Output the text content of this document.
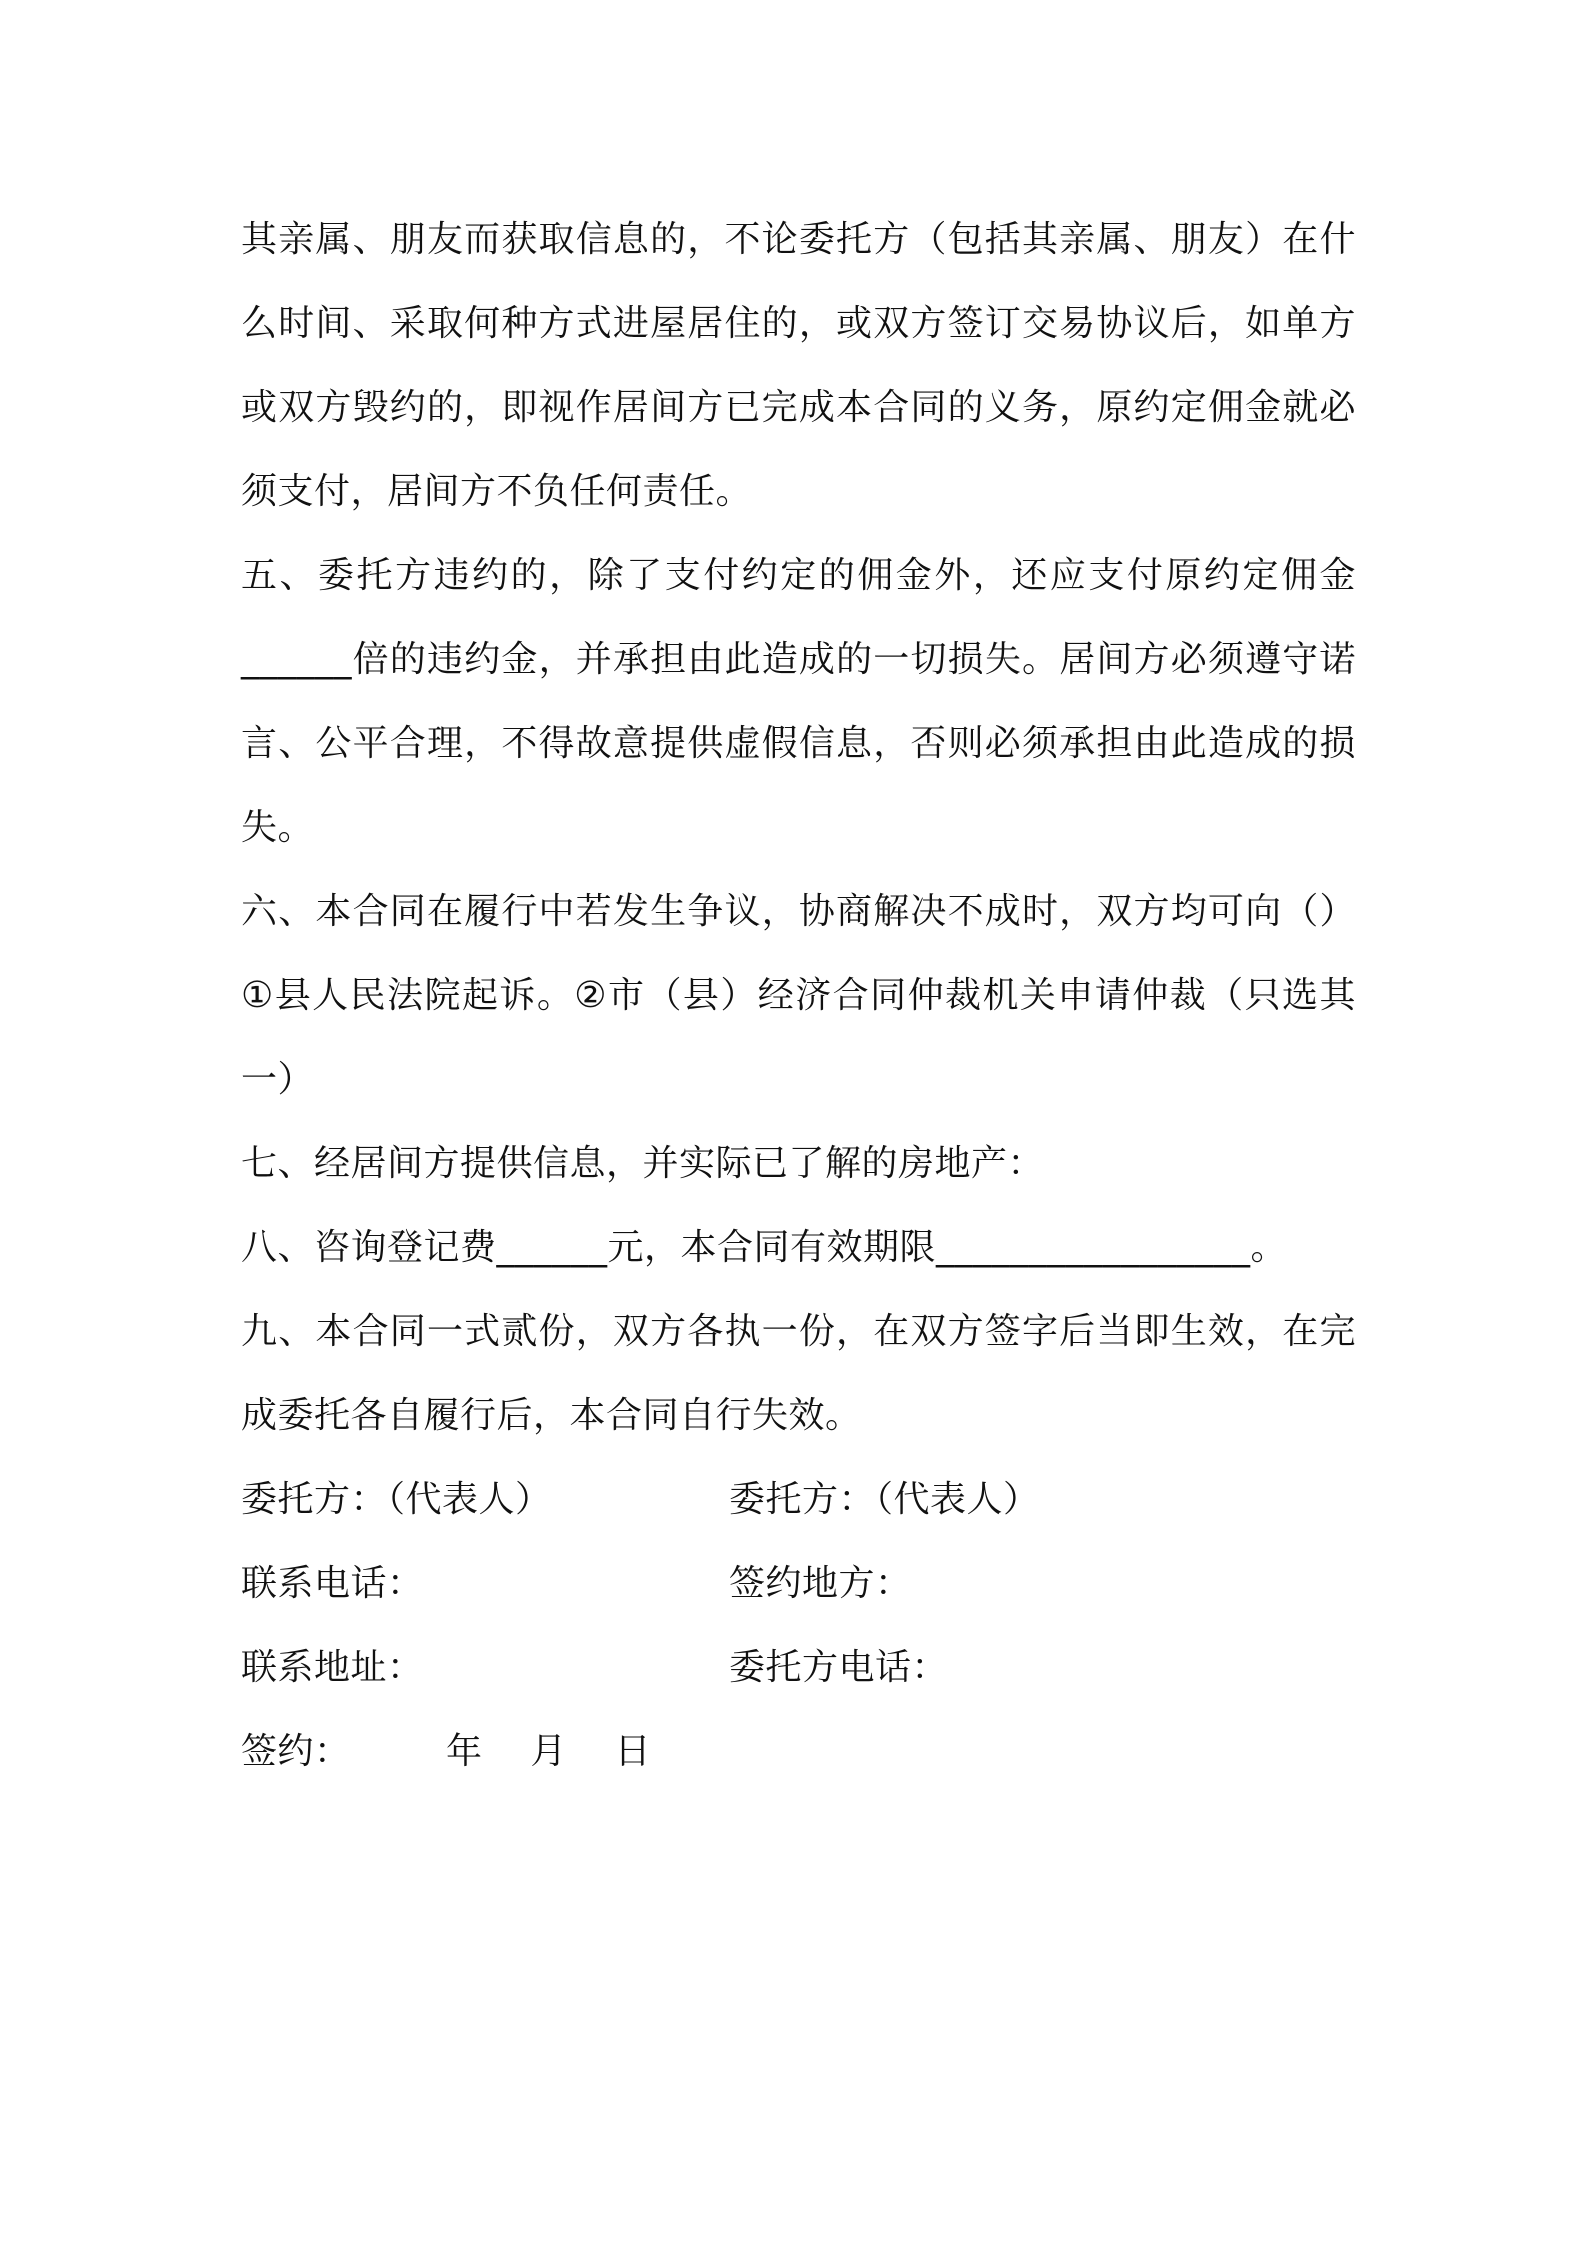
其亲属、朋友而获取信息的，不论委托方（包括其亲属、朋友）在什么时间、采取何种方式进屋居住的，或双方签订交易协议后，如单方或双方毁约的，即视作居间方已完成本合同的义务，原约定佣金就必须支付，居间方不负任何责任。

五、委托方违约的，除了支付约定的佣金外，还应支付原约定佣金______倍的违约金，并承担由此造成的一切损失。居间方必须遵守诺言、公平合理，不得故意提供虚假信息，否则必须承担由此造成的损失。

六、本合同在履行中若发生争议，协商解决不成时，双方均可向（）①县人民法院起诉。②市（县）经济合同仲裁机关申请仲裁（只选其一）

七、经居间方提供信息，并实际已了解的房地产：

八、咨询登记费______元，本合同有效期限_________________。

九、本合同一式贰份，双方各执一份，在双方签字后当即生效，在完成委托各自履行后，本合同自行失效。

委托方：（代表人）	委托方：（代表人）
联系电话：	签约地方：
联系地址：	委托方电话：
签约：        年    月    日
